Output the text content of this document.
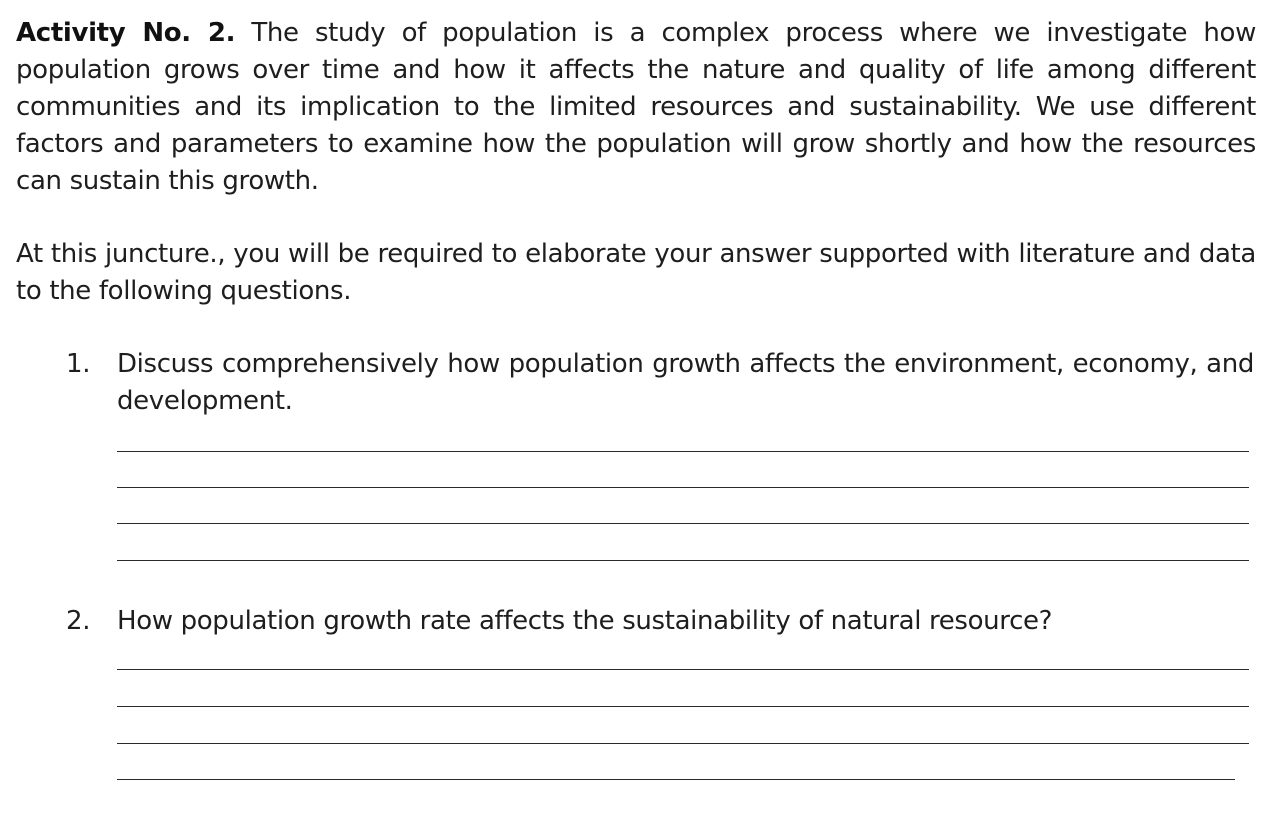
Activity No. 2. The study of population is a complex process where we investigate how population grows over time and how it affects the nature and quality of life among different communities and its implication to the limited resources and sustainability. We use different factors and parameters to examine how the population will grow shortly and how the resources can sustain this growth.

At this juncture., you will be required to elaborate your answer supported with literature and data to the following questions.

1. Discuss comprehensively how population growth affects the environment, economy, and development.

2. How population growth rate affects the sustainability of natural resource?
